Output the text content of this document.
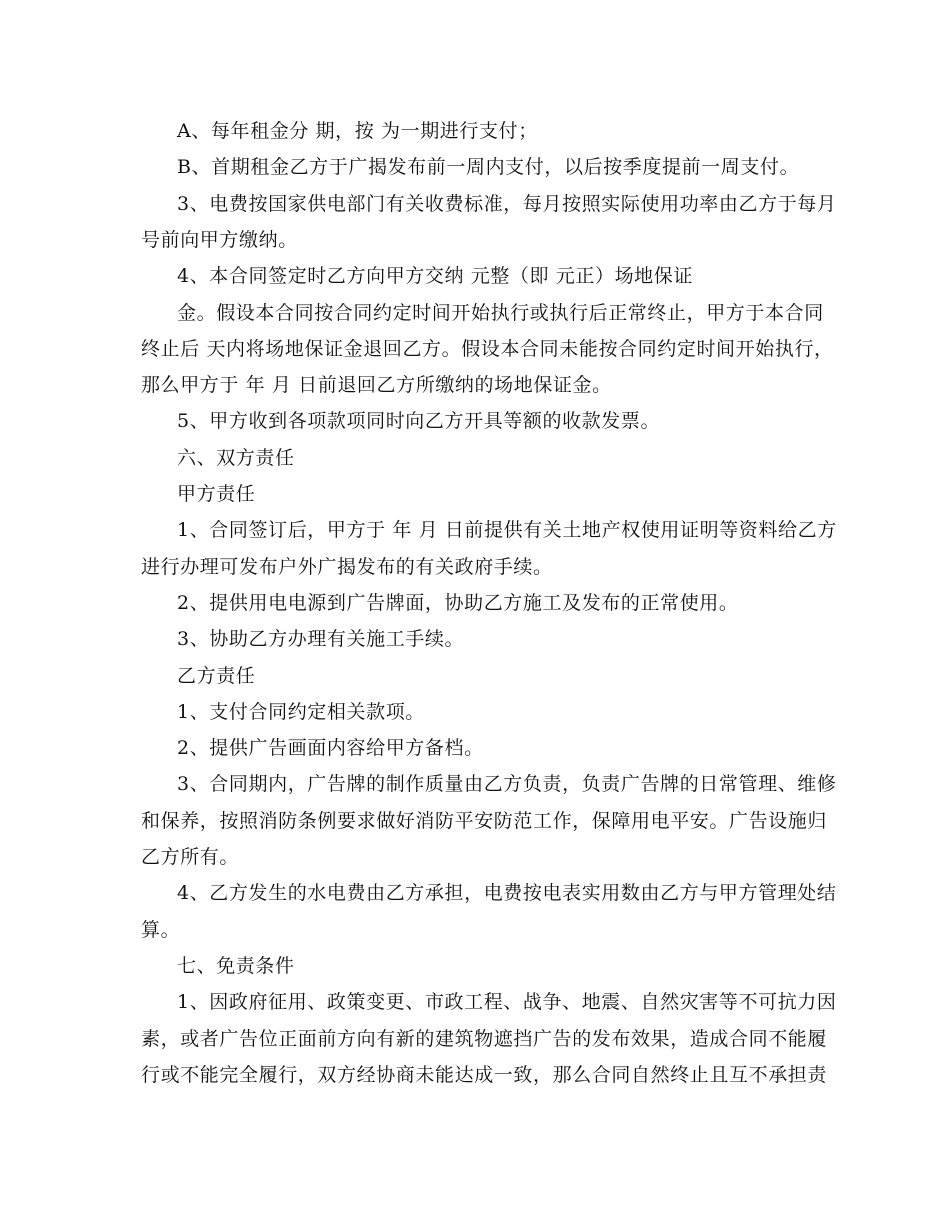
A、每年租金分 期，按 为一期进行支付；
B、首期租金乙方于广揭发布前一周内支付，以后按季度提前一周支付。
3、电费按国家供电部门有关收费标准，每月按照实际使用功率由乙方于每月
号前向甲方缴纳。
4、本合同签定时乙方向甲方交纳 元整（即 元正）场地保证
金。假设本合同按合同约定时间开始执行或执行后正常终止，甲方于本合同
终止后 天内将场地保证金退回乙方。假设本合同未能按合同约定时间开始执行，
那么甲方于 年 月 日前退回乙方所缴纳的场地保证金。
5、甲方收到各项款项同时向乙方开具等额的收款发票。
六、双方责任
甲方责任
1、合同签订后，甲方于 年 月 日前提供有关土地产权使用证明等资料给乙方
进行办理可发布户外广揭发布的有关政府手续。
2、提供用电电源到广告牌面，协助乙方施工及发布的正常使用。
3、协助乙方办理有关施工手续。
乙方责任
1、支付合同约定相关款项。
2、提供广告画面内容给甲方备档。
3、合同期内，广告牌的制作质量由乙方负责，负责广告牌的日常管理、维修
和保养，按照消防条例要求做好消防平安防范工作，保障用电平安。广告设施归
乙方所有。
4、乙方发生的水电费由乙方承担，电费按电表实用数由乙方与甲方管理处结
算。
七、免责条件
1、因政府征用、政策变更、市政工程、战争、地震、自然灾害等不可抗力因
素，或者广告位正面前方向有新的建筑物遮挡广告的发布效果，造成合同不能履
行或不能完全履行，双方经协商未能达成一致，那么合同自然终止且互不承担责
